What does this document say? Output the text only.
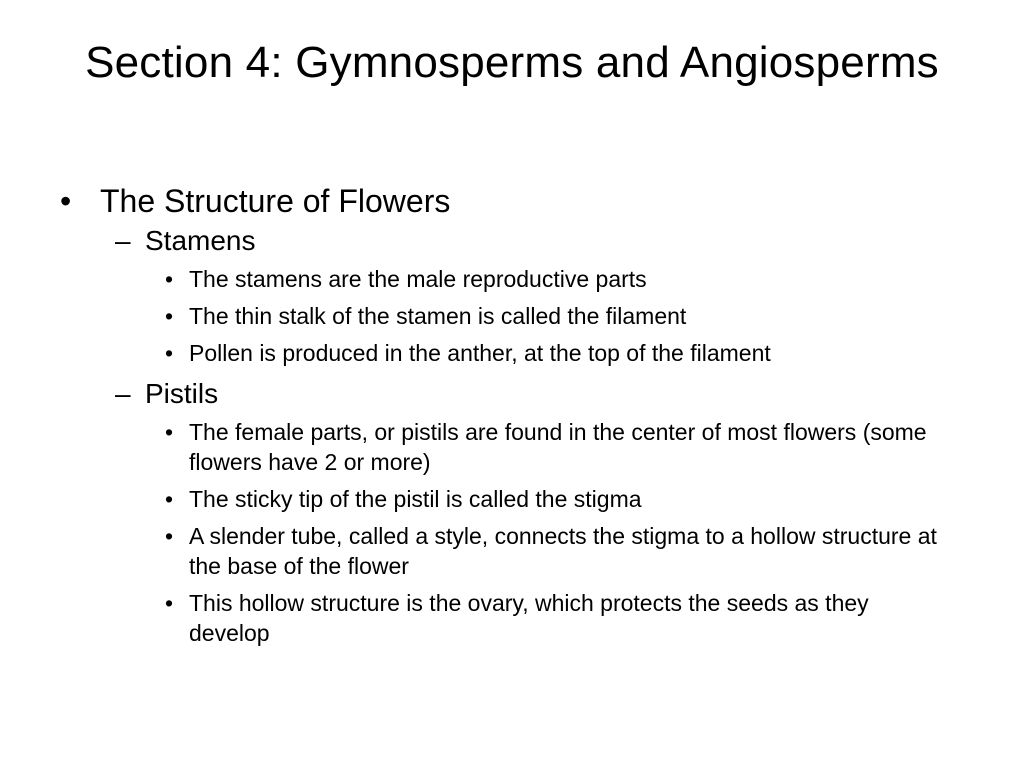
Section 4: Gymnosperms and Angiosperms
• The Structure of Flowers
– Stamens
• The stamens are the male reproductive parts
• The thin stalk of the stamen is called the filament
• Pollen is produced in the anther, at the top of the filament
– Pistils
• The female parts, or pistils are found in the center of most flowers (some flowers have 2 or more)
• The sticky tip of the pistil is called the stigma
• A slender tube, called a style, connects the stigma to a hollow structure at the base of the flower
• This hollow structure is the ovary, which protects the seeds as they develop
